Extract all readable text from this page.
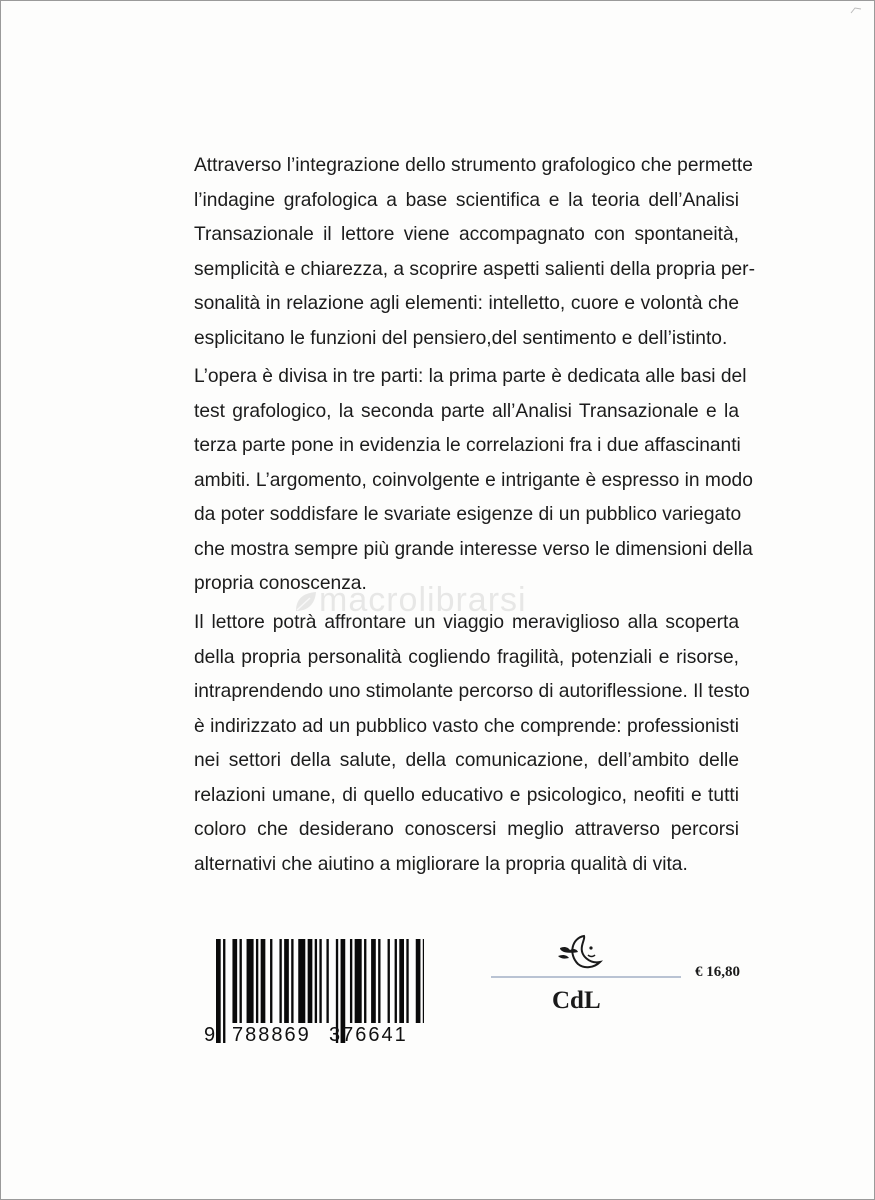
Attraverso l’integrazione dello strumento grafologico che permette
l’indagine grafologica a base scientifica e la teoria dell’Analisi
Transazionale il lettore viene accompagnato con spontaneità,
semplicità e chiarezza, a scoprire aspetti salienti della propria per-
sonalità in relazione agli elementi: intelletto, cuore e volontà che
esplicitano le funzioni del pensiero,del sentimento e dell’istinto.

L’opera è divisa in tre parti: la prima parte è dedicata alle basi del
test grafologico, la seconda parte all’Analisi Transazionale e la
terza parte pone in evidenzia le correlazioni fra i due affascinanti
ambiti. L’argomento, coinvolgente e intrigante è espresso in modo
da poter soddisfare le svariate esigenze di un pubblico variegato
che mostra sempre più grande interesse verso le dimensioni della
propria conoscenza.

macrolibrarsi

Il lettore potrà affrontare un viaggio meraviglioso alla scoperta
della propria personalità cogliendo fragilità, potenziali e risorse,
intraprendendo uno stimolante percorso di autoriflessione. Il testo
è indirizzato ad un pubblico vasto che comprende: professionisti
nei settori della salute, della comunicazione, dell’ambito delle
relazioni umane, di quello educativo e psicologico, neofiti e tutti
coloro che desiderano conoscersi meglio attraverso percorsi
alternativi che aiutino a migliorare la propria qualità di vita.

9 788869 376641
CdL
€ 16,80
